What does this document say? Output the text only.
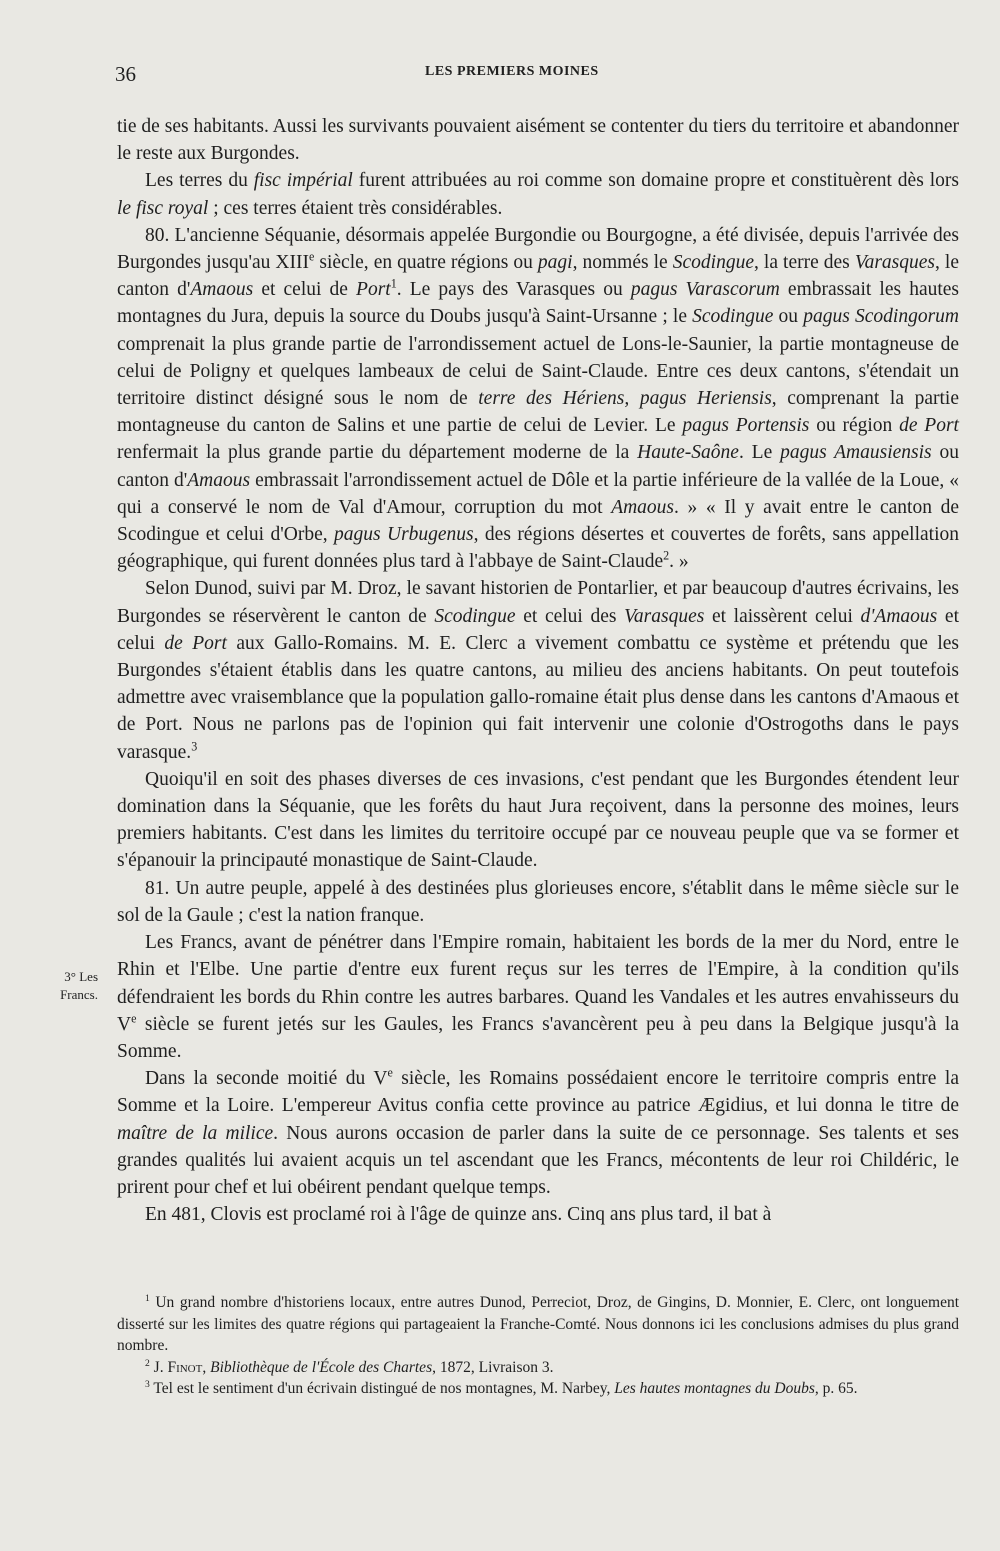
36	LES PREMIERS MOINES
3° Les
Francs.

tie de ses habitants. Aussi les survivants pouvaient aisément se contenter du tiers du territoire et abandonner le reste aux Burgondes.

Les terres du fisc impérial furent attribuées au roi comme son domaine propre et constituèrent dès lors le fisc royal ; ces terres étaient très considérables.

80. L'ancienne Séquanie, désormais appelée Burgondie ou Bourgogne, a été divisée, depuis l'arrivée des Burgondes jusqu'au XIIIe siècle, en quatre régions ou pagi, nommés le Scodingue, la terre des Varasques, le canton d'Amaous et celui de Port$^1$. Le pays des Varasques ou pagus Varascorum embrassait les hautes montagnes du Jura, depuis la source du Doubs jusqu'à Saint-Ursanne ; le Scodingue ou pagus Scodingorum comprenait la plus grande partie de l'arrondissement actuel de Lons-le-Saunier, la partie montagneuse de celui de Poligny et quelques lambeaux de celui de Saint-Claude. Entre ces deux cantons, s'étendait un territoire distinct désigné sous le nom de terre des Hériens, pagus Heriensis, comprenant la partie montagneuse du canton de Salins et une partie de celui de Levier. Le pagus Portensis ou région de Port renfermait la plus grande partie du département moderne de la Haute-Saône. Le pagus Amausiensis ou canton d'Amaous embrassait l'arrondissement actuel de Dôle et la partie inférieure de la vallée de la Loue, « qui a conservé le nom de Val d'Amour, corruption du mot Amaous. » « Il y avait entre le canton de Scodingue et celui d'Orbe, pagus Urbugenus, des régions désertes et couvertes de forêts, sans appellation géographique, qui furent données plus tard à l'abbaye de Saint-Claude$^2$. »

Selon Dunod, suivi par M. Droz, le savant historien de Pontarlier, et par beaucoup d'autres écrivains, les Burgondes se réservèrent le canton de Scodingue et celui des Varasques et laissèrent celui d'Amaous et celui de Port aux Gallo-Romains. M. E. Clerc a vivement combattu ce système et prétendu que les Burgondes s'étaient établis dans les quatre cantons, au milieu des anciens habitants. On peut toutefois admettre avec vraisemblance que la population gallo-romaine était plus dense dans les cantons d'Amaous et de Port. Nous ne parlons pas de l'opinion qui fait intervenir une colonie d'Ostrogoths dans le pays varasque.$^3$

Quoiqu'il en soit des phases diverses de ces invasions, c'est pendant que les Burgondes étendent leur domination dans la Séquanie, que les forêts du haut Jura reçoivent, dans la personne des moines, leurs premiers habitants. C'est dans les limites du territoire occupé par ce nouveau peuple que va se former et s'épanouir la principauté monastique de Saint-Claude.

81. Un autre peuple, appelé à des destinées plus glorieuses encore, s'établit dans le même siècle sur le sol de la Gaule ; c'est la nation franque.

Les Francs, avant de pénétrer dans l'Empire romain, habitaient les bords de la mer du Nord, entre le Rhin et l'Elbe. Une partie d'entre eux furent reçus sur les terres de l'Empire, à la condition qu'ils défendraient les bords du Rhin contre les autres barbares. Quand les Vandales et les autres envahisseurs du Ve siècle se furent jetés sur les Gaules, les Francs s'avancèrent peu à peu dans la Belgique jusqu'à la Somme.

Dans la seconde moitié du Ve siècle, les Romains possédaient encore le territoire compris entre la Somme et la Loire. L'empereur Avitus confia cette province au patrice Ægidius, et lui donna le titre de maître de la milice. Nous aurons occasion de parler dans la suite de ce personnage. Ses talents et ses grandes qualités lui avaient acquis un tel ascendant que les Francs, mécontents de leur roi Childéric, le prirent pour chef et lui obéirent pendant quelque temps.

En 481, Clovis est proclamé roi à l'âge de quinze ans. Cinq ans plus tard, il bat à

$^1$ Un grand nombre d'historiens locaux, entre autres Dunod, Perreciot, Droz, de Gingins, D. Monnier, E. Clerc, ont longuement disserté sur les limites des quatre régions qui partageaient la Franche-Comté. Nous donnons ici les conclusions admises du plus grand nombre.

$^2$ J. Finot, Bibliothèque de l'École des Chartes, 1872, Livraison 3.

$^3$ Tel est le sentiment d'un écrivain distingué de nos montagnes, M. Narbey, Les hautes montagnes du Doubs, p. 65.
